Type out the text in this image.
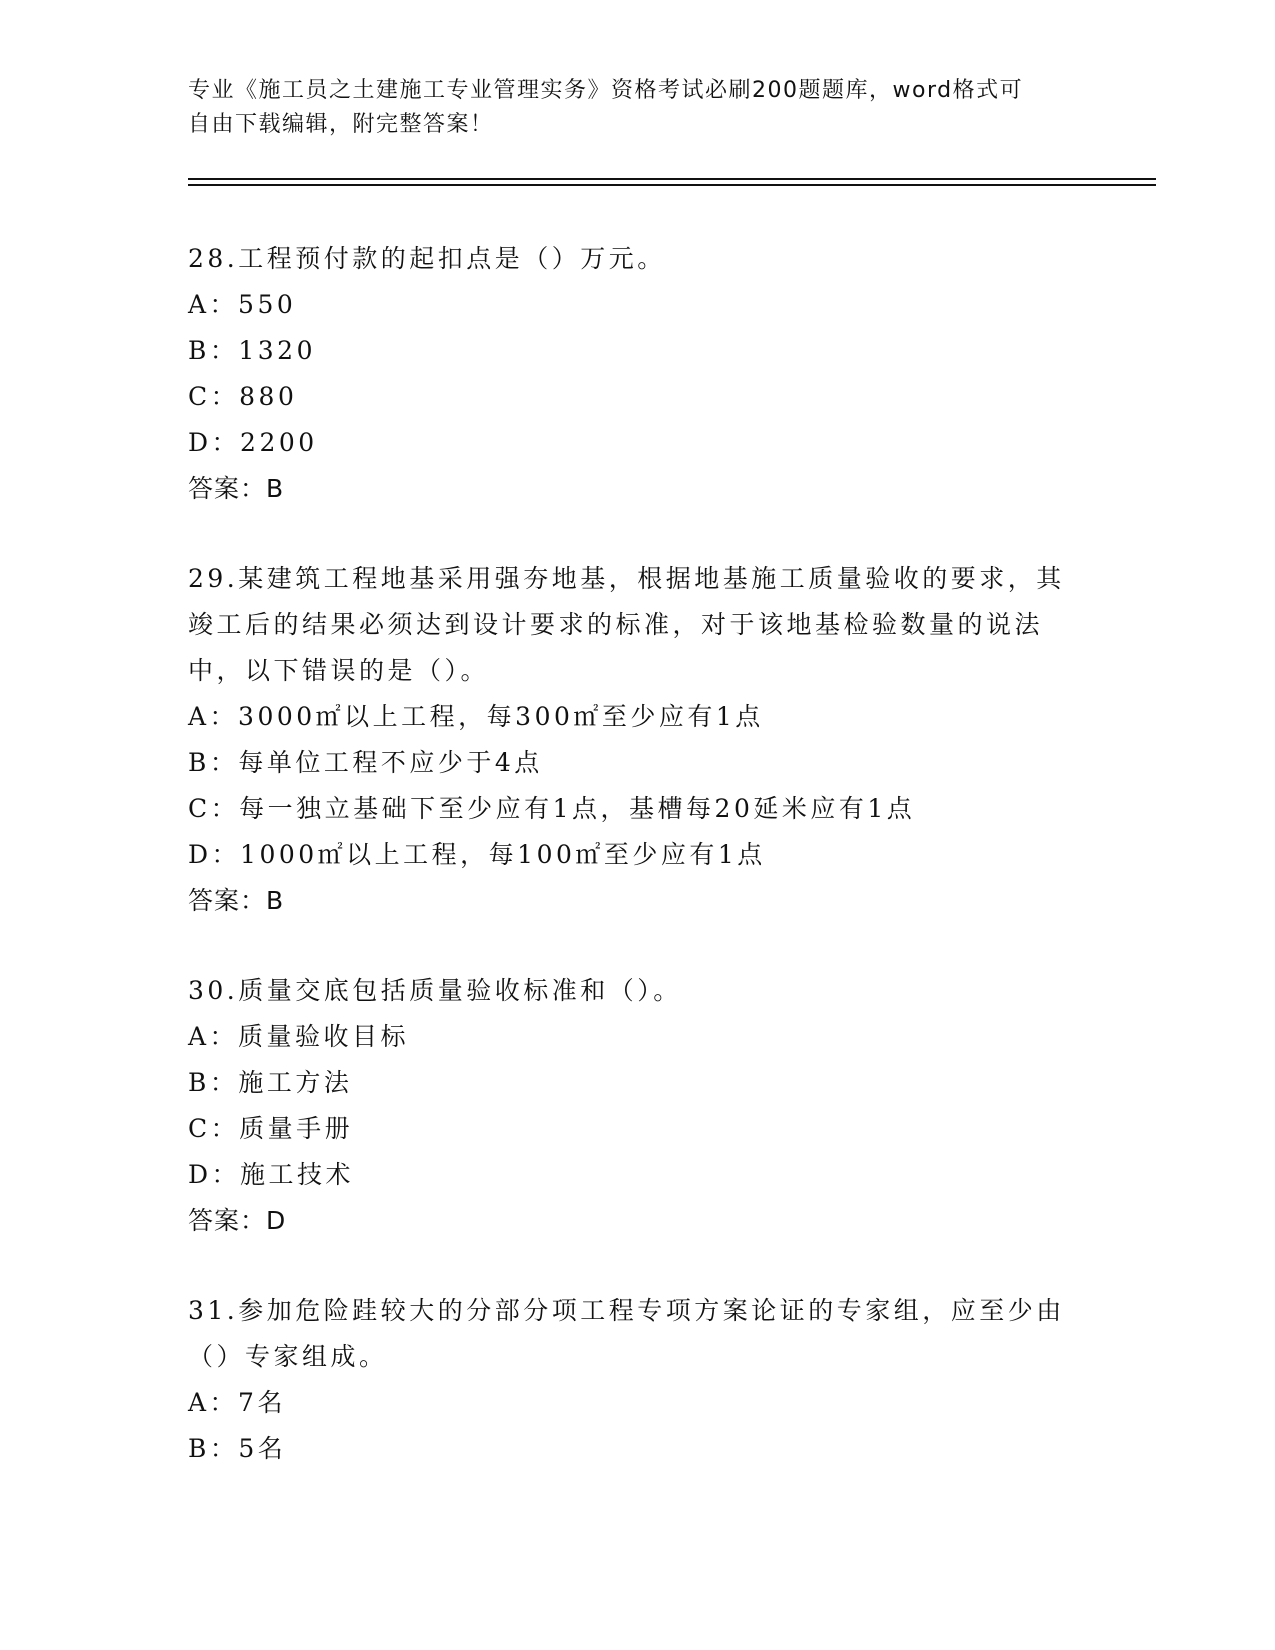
专业《施工员之土建施工专业管理实务》资格考试必刷200题题库，word格式可
自由下载编辑，附完整答案！
28.工程预付款的起扣点是（）万元。
A：550
B：1320
C：880
D：2200
答案：B
29.某建筑工程地基采用强夯地基，根据地基施工质量验收的要求，其
竣工后的结果必须达到设计要求的标准，对于该地基检验数量的说法
中，以下错误的是（）。
A：3000㎡以上工程，每300㎡至少应有1点
B：每单位工程不应少于4点
C：每一独立基础下至少应有1点，基槽每20延米应有1点
D：1000㎡以上工程，每100㎡至少应有1点
答案：B
30.质量交底包括质量验收标准和（）。
A：质量验收目标
B：施工方法
C：质量手册
D：施工技术
答案：D
31.参加危险跬较大的分部分项工程专项方案论证的专家组，应至少由
（）专家组成。
A：7名
B：5名
